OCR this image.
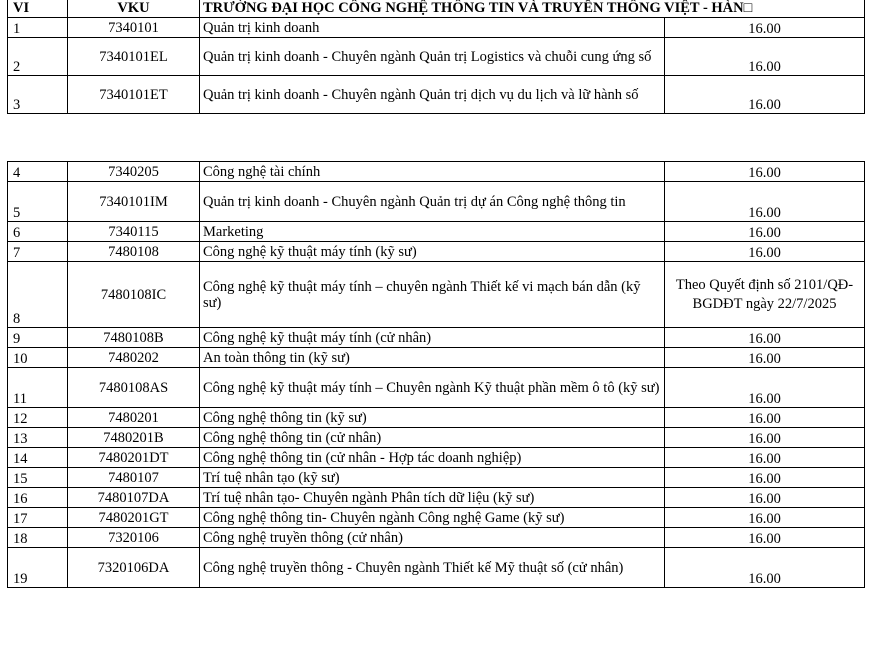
VI	VKU	TRƯỜNG ĐẠI HỌC CÔNG NGHỆ THÔNG TIN VÀ TRUYỀN THÔNG VIỆT - HÀN□	
1	7340101	Quản trị kinh doanh	16.00
2	7340101EL	Quản trị kinh doanh - Chuyên ngành Quản trị Logistics và chuỗi cung ứng số	16.00
3	7340101ET	Quản trị kinh doanh - Chuyên ngành Quản trị dịch vụ du lịch và lữ hành số	16.00
4	7340205	Công nghệ tài chính	16.00
5	7340101IM	Quản trị kinh doanh - Chuyên ngành Quản trị dự án Công nghệ thông tin	16.00
6	7340115	Marketing	16.00
7	7480108	Công nghệ kỹ thuật máy tính (kỹ sư)	16.00
8	7480108IC	Công nghệ kỹ thuật máy tính – chuyên ngành Thiết kế vi mạch bán dẫn (kỹ sư)	Theo Quyết định số 2101/QĐ-BGDĐT ngày 22/7/2025
9	7480108B	Công nghệ kỹ thuật máy tính (cử nhân)	16.00
10	7480202	An toàn thông tin (kỹ sư)	16.00
11	7480108AS	Công nghệ kỹ thuật máy tính – Chuyên ngành Kỹ thuật phần mềm ô tô (kỹ sư)	16.00
12	7480201	Công nghệ thông tin (kỹ sư)	16.00
13	7480201B	Công nghệ thông tin (cử nhân)	16.00
14	7480201DT	Công nghệ thông tin (cử nhân - Hợp tác doanh nghiệp)	16.00
15	7480107	Trí tuệ nhân tạo (kỹ sư)	16.00
16	7480107DA	Trí tuệ nhân tạo- Chuyên ngành Phân tích dữ liệu (kỹ sư)	16.00
17	7480201GT	Công nghệ thông tin- Chuyên ngành Công nghệ Game (kỹ sư)	16.00
18	7320106	Công nghệ truyền thông (cử nhân)	16.00
19	7320106DA	Công nghệ truyền thông - Chuyên ngành Thiết kế Mỹ thuật số (cử nhân)	16.00
